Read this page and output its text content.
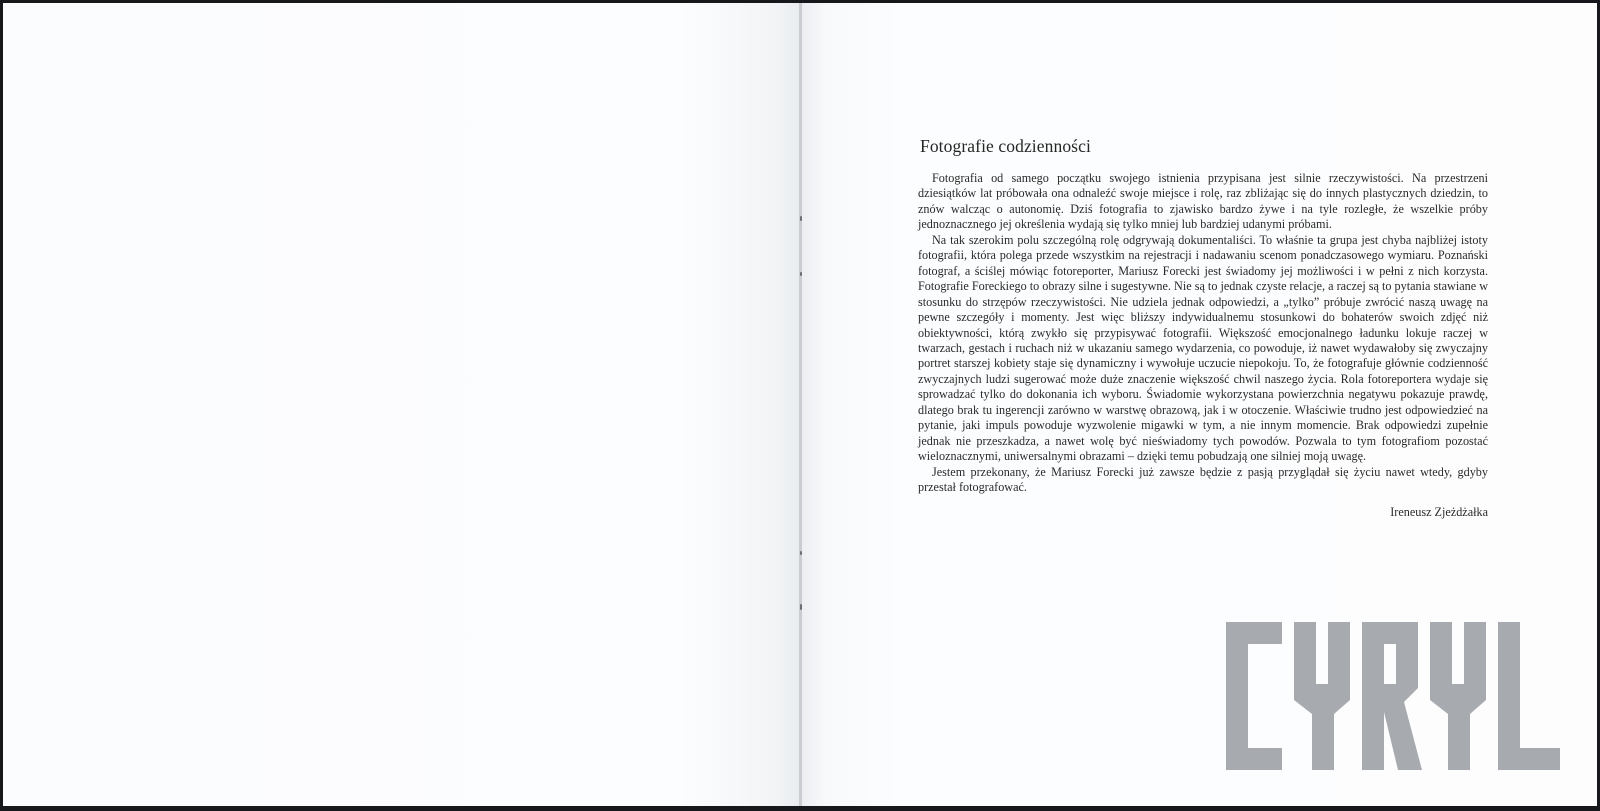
Fotografie codzienności

Fotografia od samego początku swojego istnienia przypisana jest silnie rzeczywistości. Na przestrzeni dziesiątków lat próbowała ona odnaleźć swoje miejsce i rolę, raz zbliżając się do innych plastycznych dziedzin, to znów walcząc o autonomię. Dziś fotografia to zjawisko bardzo żywe i na tyle rozległe, że wszelkie próby jednoznacznego jej określenia wydają się tylko mniej lub bardziej udanymi próbami.

Na tak szerokim polu szczególną rolę odgrywają dokumentaliści. To właśnie ta grupa jest chyba najbliżej istoty fotografii, która polega przede wszystkim na rejestracji i nadawaniu scenom ponadczasowego wymiaru. Poznański fotograf, a ściślej mówiąc fotoreporter, Mariusz Forecki jest świadomy jej możliwości i w pełni z nich korzysta. Fotografie Foreckiego to obrazy silne i sugestywne. Nie są to jednak czyste relacje, a raczej są to pytania stawiane w stosunku do strzępów rzeczywistości. Nie udziela jednak odpowiedzi, a „tylko” próbuje zwrócić naszą uwagę na pewne szczegóły i momenty. Jest więc bliższy indywidualnemu stosunkowi do bohaterów swoich zdjęć niż obiektywności, którą zwykło się przypisywać fotografii. Większość emocjonalnego ładunku lokuje raczej w twarzach, gestach i ruchach niż w ukazaniu samego wydarzenia, co powoduje, iż nawet wydawałoby się zwyczajny portret starszej kobiety staje się dynamiczny i wywołuje uczucie niepokoju. To, że fotografuje głównie codzienność zwyczajnych ludzi sugerować może duże znaczenie większość chwil naszego życia. Rola fotoreportera wydaje się sprowadzać tylko do dokonania ich wyboru. Świadomie wykorzystana powierzchnia negatywu pokazuje prawdę, dlatego brak tu ingerencji zarówno w warstwę obrazową, jak i w otoczenie. Właściwie trudno jest odpowiedzieć na pytanie, jaki impuls powoduje wyzwolenie migawki w tym, a nie innym momencie. Brak odpowiedzi zupełnie jednak nie przeszkadza, a nawet wolę być nieświadomy tych powodów. Pozwala to tym fotografiom pozostać wieloznacznymi, uniwersalnymi obrazami – dzięki temu pobudzają one silniej moją uwagę.

Jestem przekonany, że Mariusz Forecki już zawsze będzie z pasją przyglądał się życiu nawet wtedy, gdyby przestał fotografować.

Ireneusz Zjeżdżałka
